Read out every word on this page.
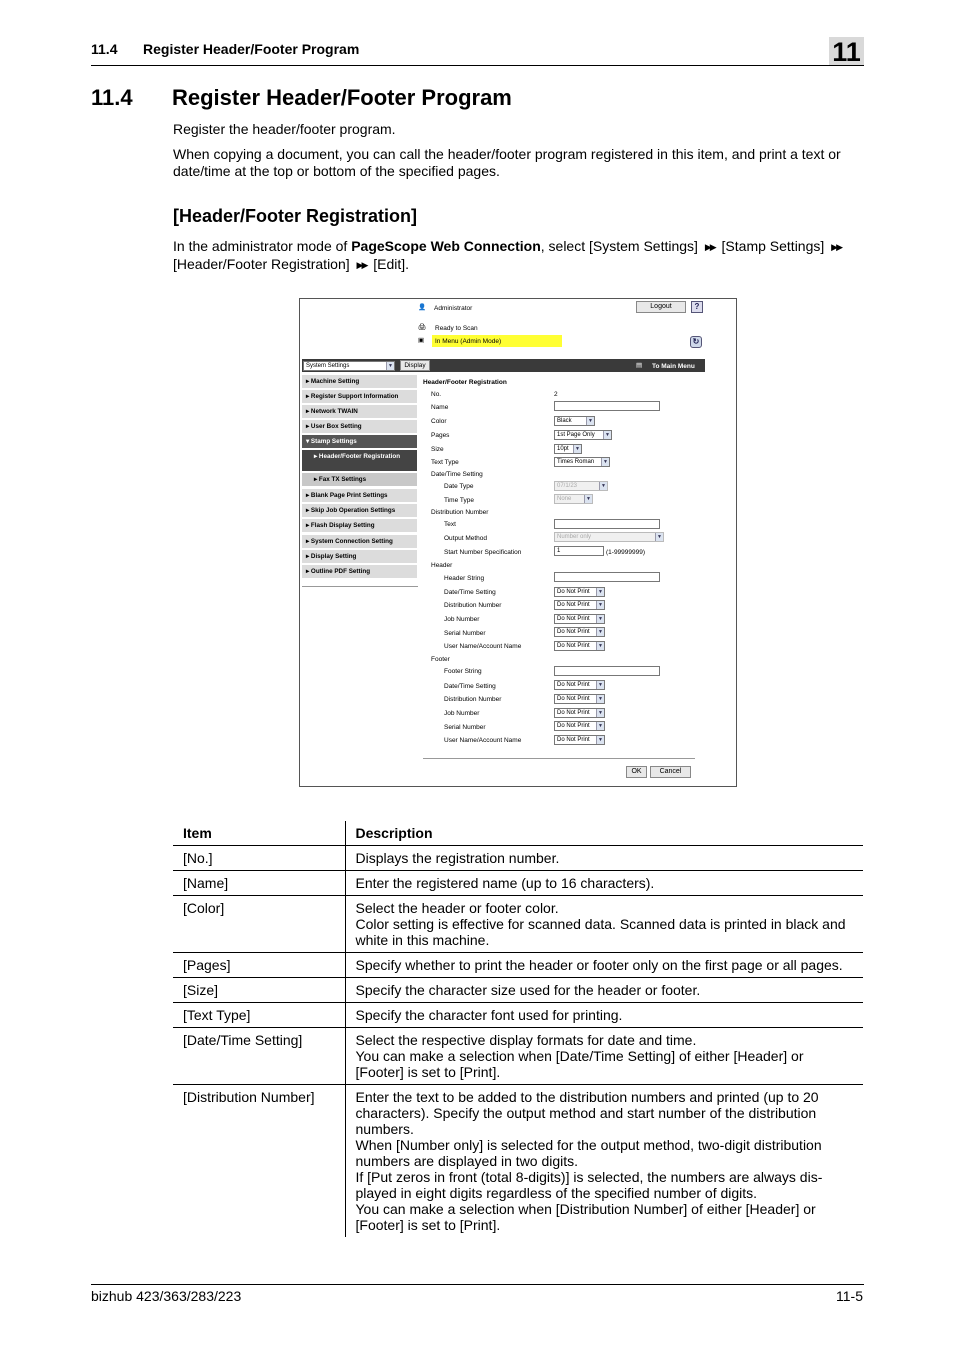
11.4 Register Header/Footer Program	11
11.4 Register Header/Footer Program
Register the header/footer program.
When copying a document, you can call the header/footer program registered in this item, and print a text or date/time at the top or bottom of the specified pages.
[Header/Footer Registration]
In the administrator mode of PageScope Web Connection, select [System Settings] ▶▶ [Stamp Settings] ▶▶
[Header/Footer Registration] ▶▶ [Edit].
👤 Administrator	Logout	?
🖨 Ready to Scan
▣ In Menu (Admin Mode)	↻
System Settings	▼	Display	▤ To Main Menu
▸ Machine Setting
▸ Register Support Information
▸ Network TWAIN
▸ User Box Setting
▾ Stamp Settings
▸ Header/Footer Registration
▸ Fax TX Settings
▸ Blank Page Print Settings
▸ Skip Job Operation Settings
▸ Flash Display Setting
▸ System Connection Setting
▸ Display Setting
▸ Outline PDF Setting
Header/Footer Registration
No.	2
Name
Color	Black	▼
Pages	1st Page Only	▼
Size	10pt	▼
Text Type	Times Roman	▼
Date/Time Setting
Date Type	07/1/23	▼
Time Type	None	▼
Distribution Number
Text
Output Method	Number only	▼
Start Number Specification	1	(1-99999999)
Header
Header String
Date/Time Setting	Do Not Print	▼
Distribution Number	Do Not Print	▼
Job Number	Do Not Print	▼
Serial Number	Do Not Print	▼
User Name/Account Name	Do Not Print	▼
Footer
Footer String
Date/Time Setting	Do Not Print	▼
Distribution Number	Do Not Print	▼
Job Number	Do Not Print	▼
Serial Number	Do Not Print	▼
User Name/Account Name	Do Not Print	▼
OK	Cancel
Item	Description
[No.]	Displays the registration number.

[Name]	Enter the registered name (up to 16 characters).

[Color]	Select the header or footer color.
Color setting is effective for scanned data. Scanned data is printed in black and white in this machine.

[Pages]	Specify whether to print the header or footer only on the first page or all pages.

[Size]	Specify the character size used for the header or footer.

[Text Type]	Specify the character font used for printing.

[Date/Time Setting]	Select the respective display formats for date and time.
You can make a selection when [Date/Time Setting] of either [Header] or [Footer] is set to [Print].

[Distribution Number]	Enter the text to be added to the distribution numbers and printed (up to 20 characters). Specify the output method and start number of the distribution numbers.
When [Number only] is selected for the output method, two-digit distribution numbers are displayed in two digits.
If [Put zeros in front (total 8-digits)] is selected, the numbers are always dis-played in eight digits regardless of the specified number of digits.
You can make a selection when [Distribution Number] of either [Header] or [Footer] is set to [Print].
bizhub 423/363/283/223	11-5
